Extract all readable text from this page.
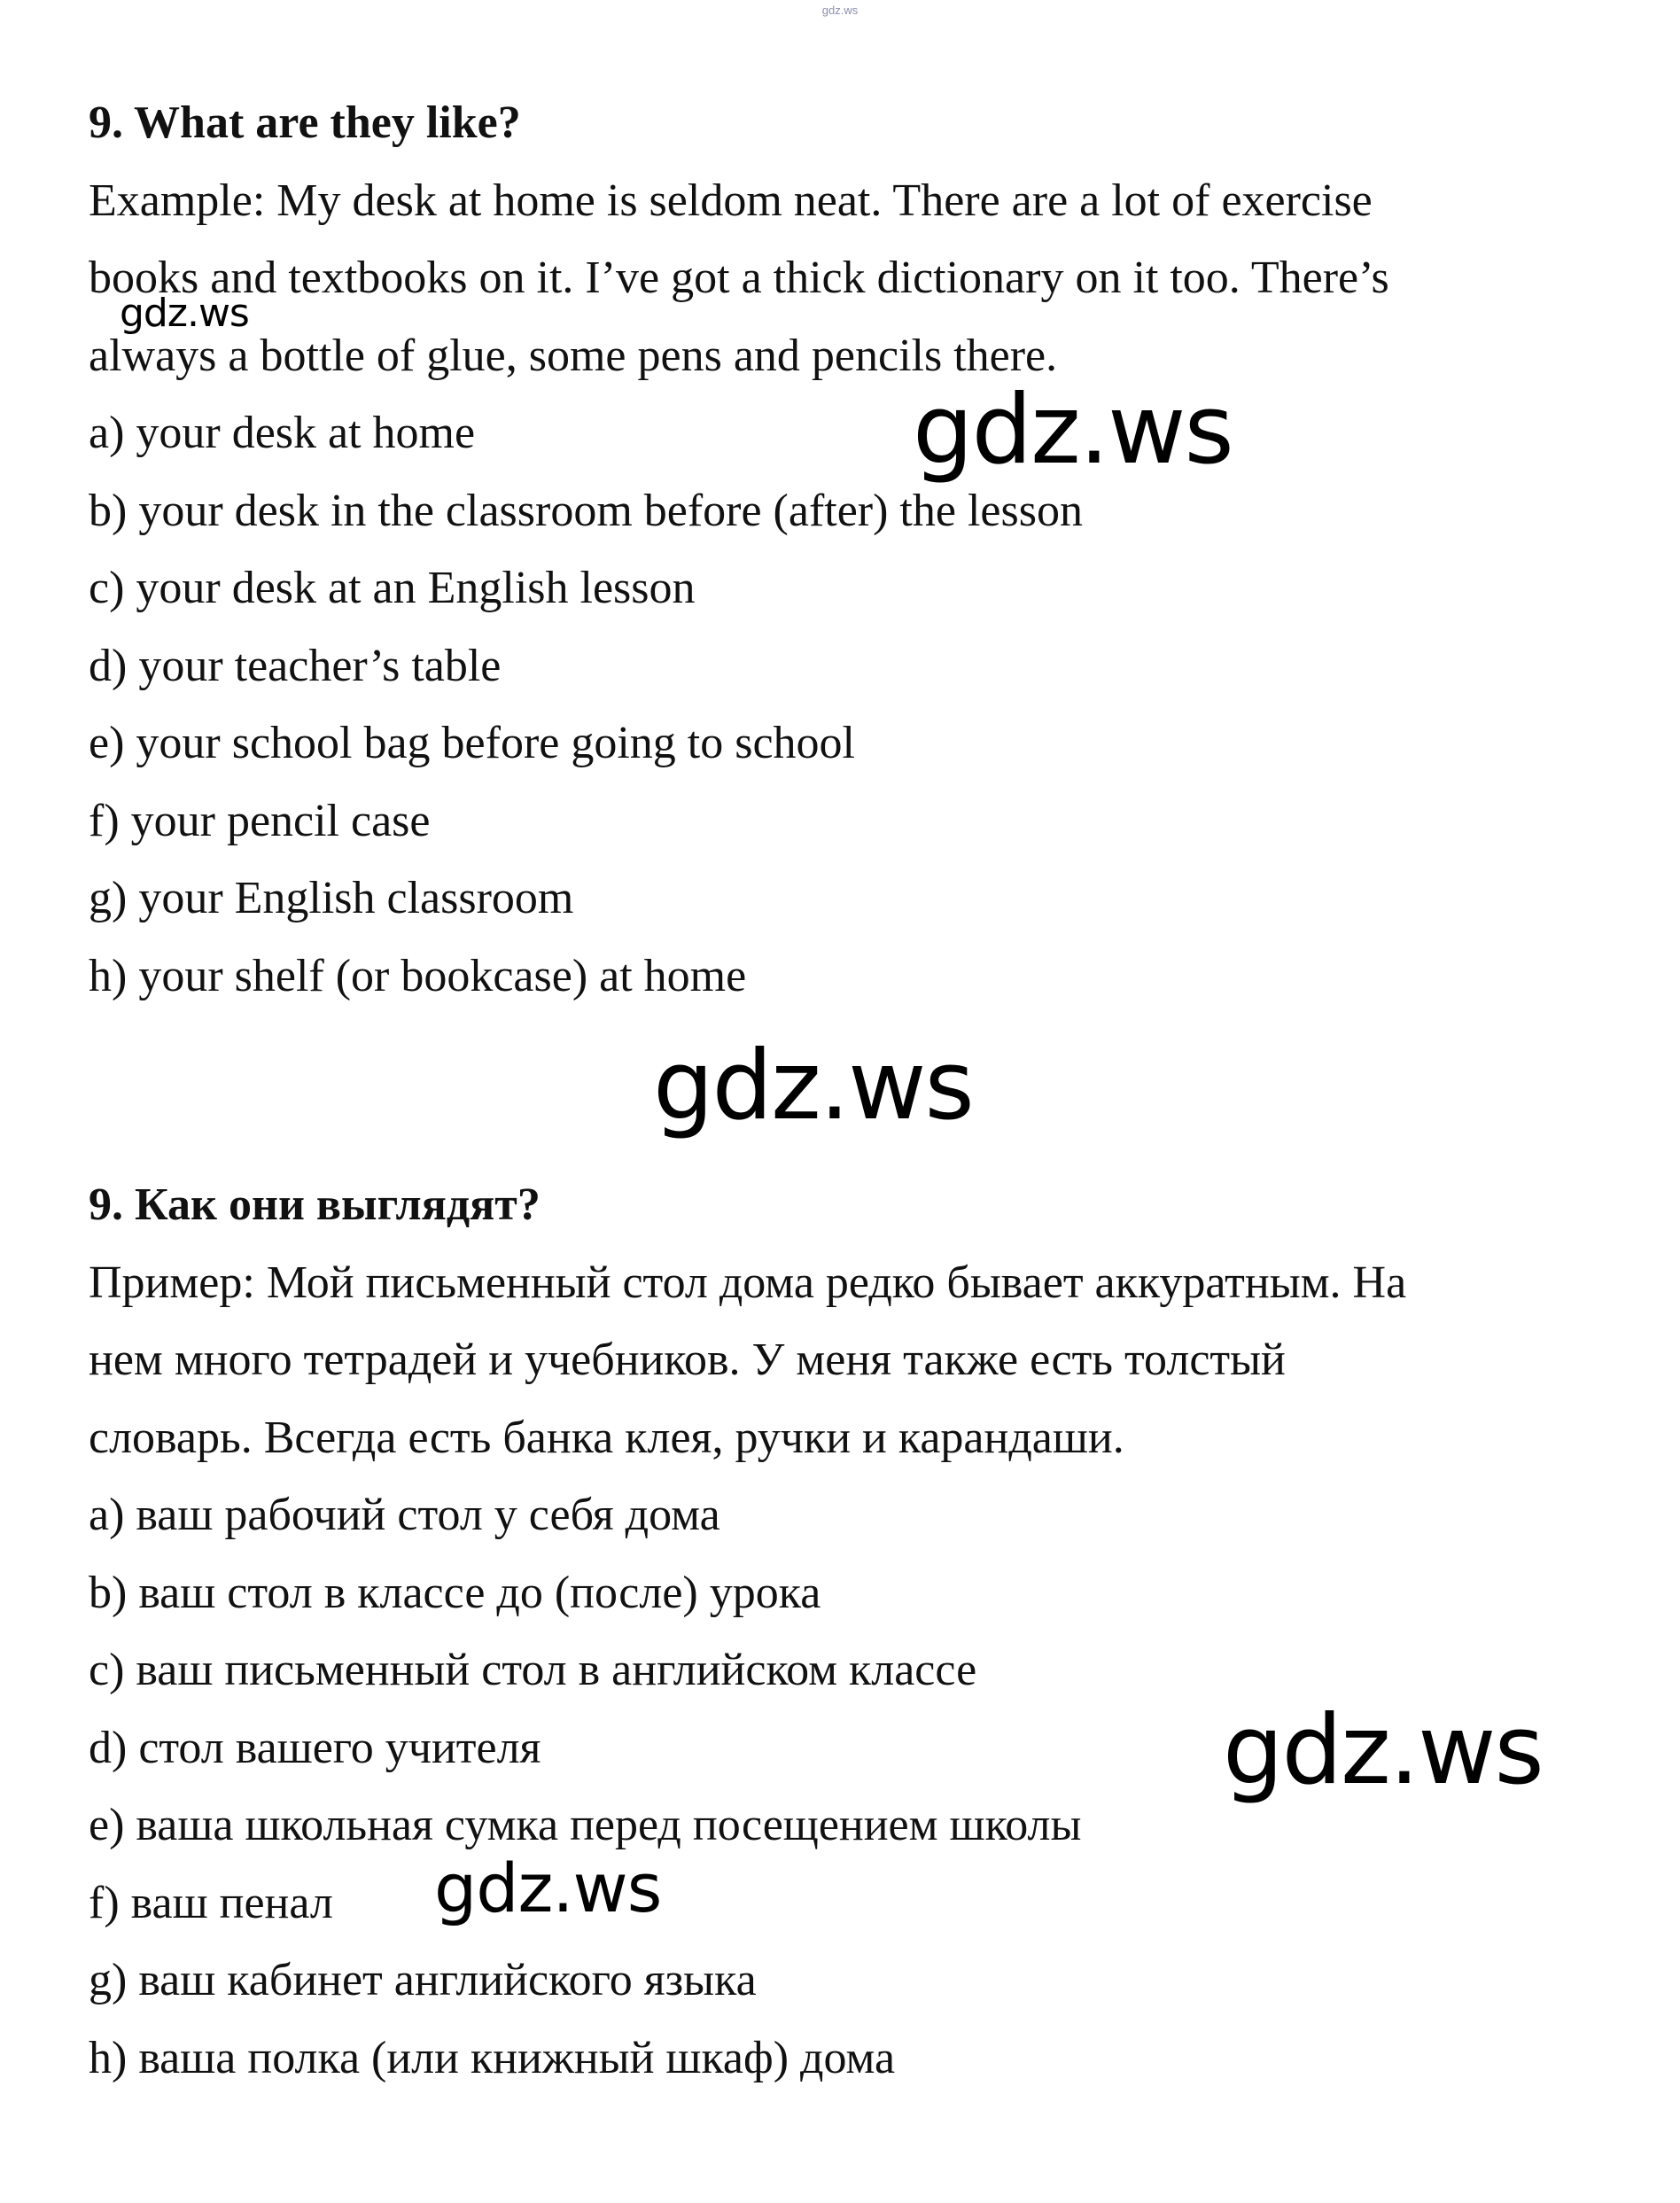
gdz.ws
9. What are they like?
Example: My desk at home is seldom neat. There are a lot of exercise
books and textbooks on it. I’ve got a thick dictionary on it too. There’s
always a bottle of glue, some pens and pencils there.
a) your desk at home
b) your desk in the classroom before (after) the lesson
c) your desk at an English lesson
d) your teacher’s table
e) your school bag before going to school
f) your pencil case
g) your English classroom
h) your shelf (or bookcase) at home
9. Как они выглядят?
Пример: Мой письменный стол дома редко бывает аккуратным. На
нем много тетрадей и учебников. У меня также есть толстый
словарь. Всегда есть банка клея, ручки и карандаши.
a) ваш рабочий стол у себя дома
b) ваш стол в классе до (после) урока
c) ваш письменный стол в английском классе
d) стол вашего учителя
e) ваша школьная сумка перед посещением школы
f) ваш пенал
g) ваш кабинет английского языка
h) ваша полка (или книжный шкаф) дома
gdz.ws
gdz.ws
gdz.ws
gdz.ws
gdz.ws
